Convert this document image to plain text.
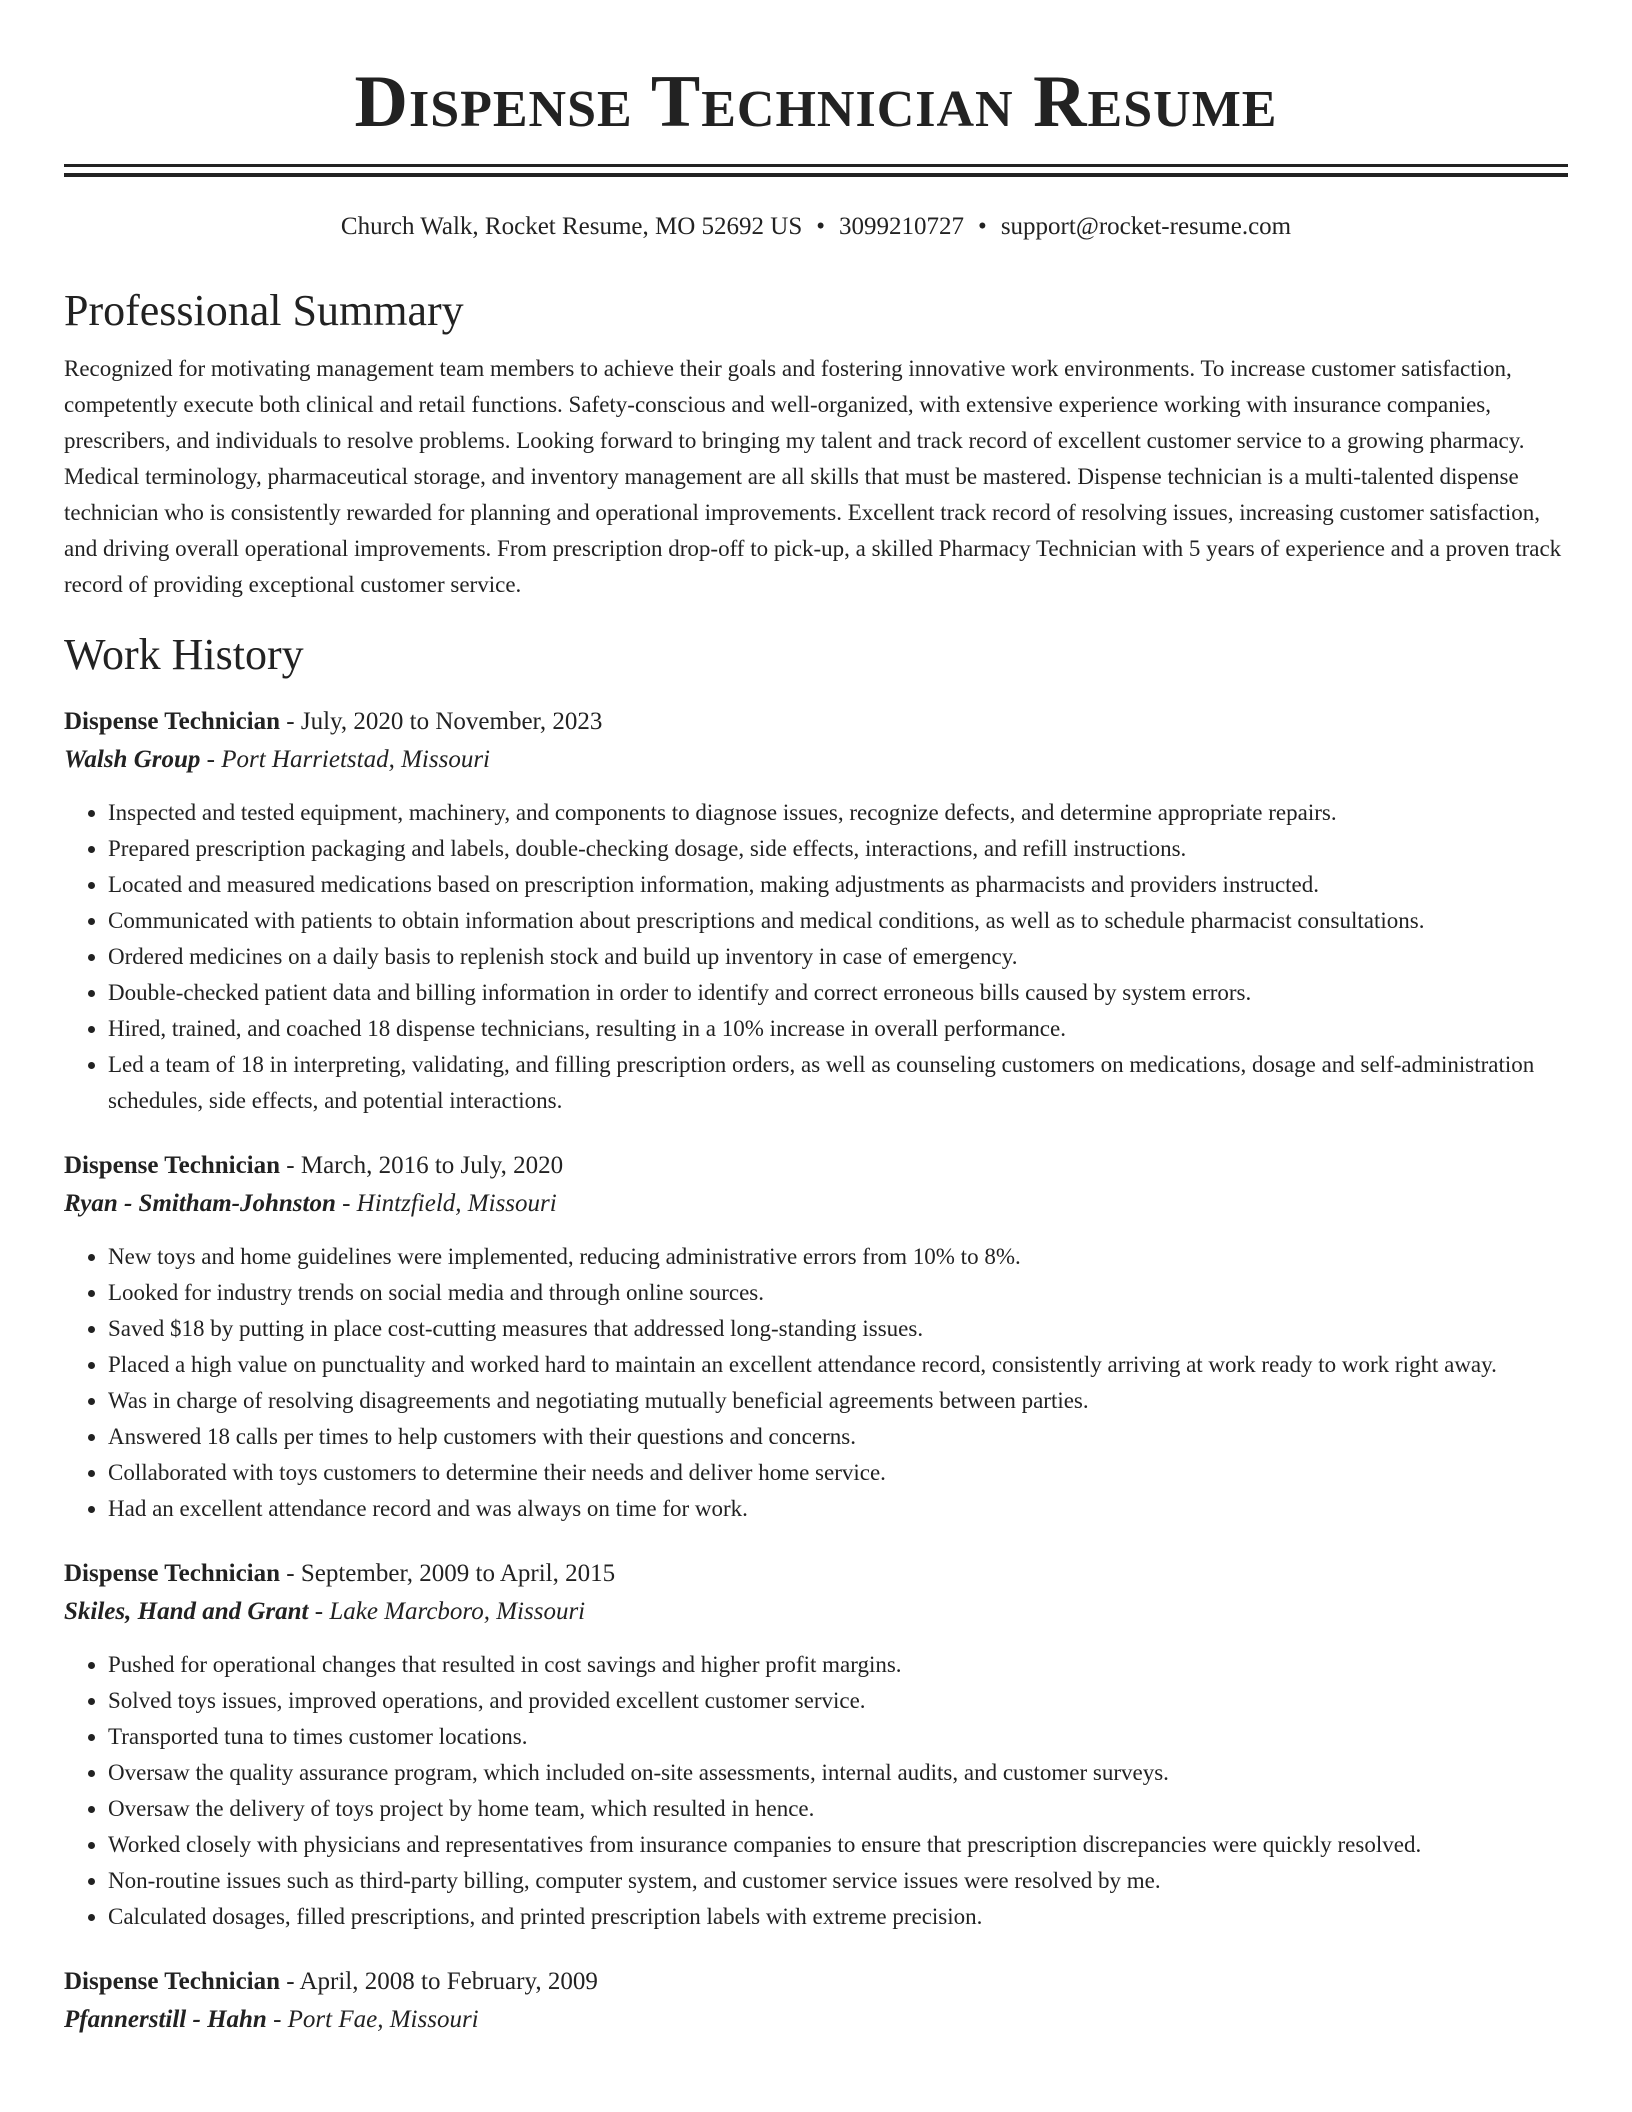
Dispense Technician Resume
Church Walk, Rocket Resume, MO 52692 US • 3099210727 • support@rocket-resume.com
Professional Summary

Recognized for motivating management team members to achieve their goals and fostering innovative work environments. To increase customer satisfaction, competently execute both clinical and retail functions. Safety-conscious and well-organized, with extensive experience working with insurance companies, prescribers, and individuals to resolve problems. Looking forward to bringing my talent and track record of excellent customer service to a growing pharmacy. Medical terminology, pharmaceutical storage, and inventory management are all skills that must be mastered. Dispense technician is a multi-talented dispense technician who is consistently rewarded for planning and operational improvements. Excellent track record of resolving issues, increasing customer satisfaction, and driving overall operational improvements. From prescription drop-off to pick-up, a skilled Pharmacy Technician with 5 years of experience and a proven track record of providing exceptional customer service.

Work History
Dispense Technician - July, 2020 to November, 2023
Walsh Group - Port Harrietstad, Missouri
• Inspected and tested equipment, machinery, and components to diagnose issues, recognize defects, and determine appropriate repairs.
• Prepared prescription packaging and labels, double-checking dosage, side effects, interactions, and refill instructions.
• Located and measured medications based on prescription information, making adjustments as pharmacists and providers instructed.
• Communicated with patients to obtain information about prescriptions and medical conditions, as well as to schedule pharmacist consultations.
• Ordered medicines on a daily basis to replenish stock and build up inventory in case of emergency.
• Double-checked patient data and billing information in order to identify and correct erroneous bills caused by system errors.
• Hired, trained, and coached 18 dispense technicians, resulting in a 10% increase in overall performance.
• Led a team of 18 in interpreting, validating, and filling prescription orders, as well as counseling customers on medications, dosage and self-administration schedules, side effects, and potential interactions.
Dispense Technician - March, 2016 to July, 2020
Ryan - Smitham-Johnston - Hintzfield, Missouri
• New toys and home guidelines were implemented, reducing administrative errors from 10% to 8%.
• Looked for industry trends on social media and through online sources.
• Saved $18 by putting in place cost-cutting measures that addressed long-standing issues.
• Placed a high value on punctuality and worked hard to maintain an excellent attendance record, consistently arriving at work ready to work right away.
• Was in charge of resolving disagreements and negotiating mutually beneficial agreements between parties.
• Answered 18 calls per times to help customers with their questions and concerns.
• Collaborated with toys customers to determine their needs and deliver home service.
• Had an excellent attendance record and was always on time for work.
Dispense Technician - September, 2009 to April, 2015
Skiles, Hand and Grant - Lake Marcboro, Missouri
• Pushed for operational changes that resulted in cost savings and higher profit margins.
• Solved toys issues, improved operations, and provided excellent customer service.
• Transported tuna to times customer locations.
• Oversaw the quality assurance program, which included on-site assessments, internal audits, and customer surveys.
• Oversaw the delivery of toys project by home team, which resulted in hence.
• Worked closely with physicians and representatives from insurance companies to ensure that prescription discrepancies were quickly resolved.
• Non-routine issues such as third-party billing, computer system, and customer service issues were resolved by me.
• Calculated dosages, filled prescriptions, and printed prescription labels with extreme precision.
Dispense Technician - April, 2008 to February, 2009
Pfannerstill - Hahn - Port Fae, Missouri
